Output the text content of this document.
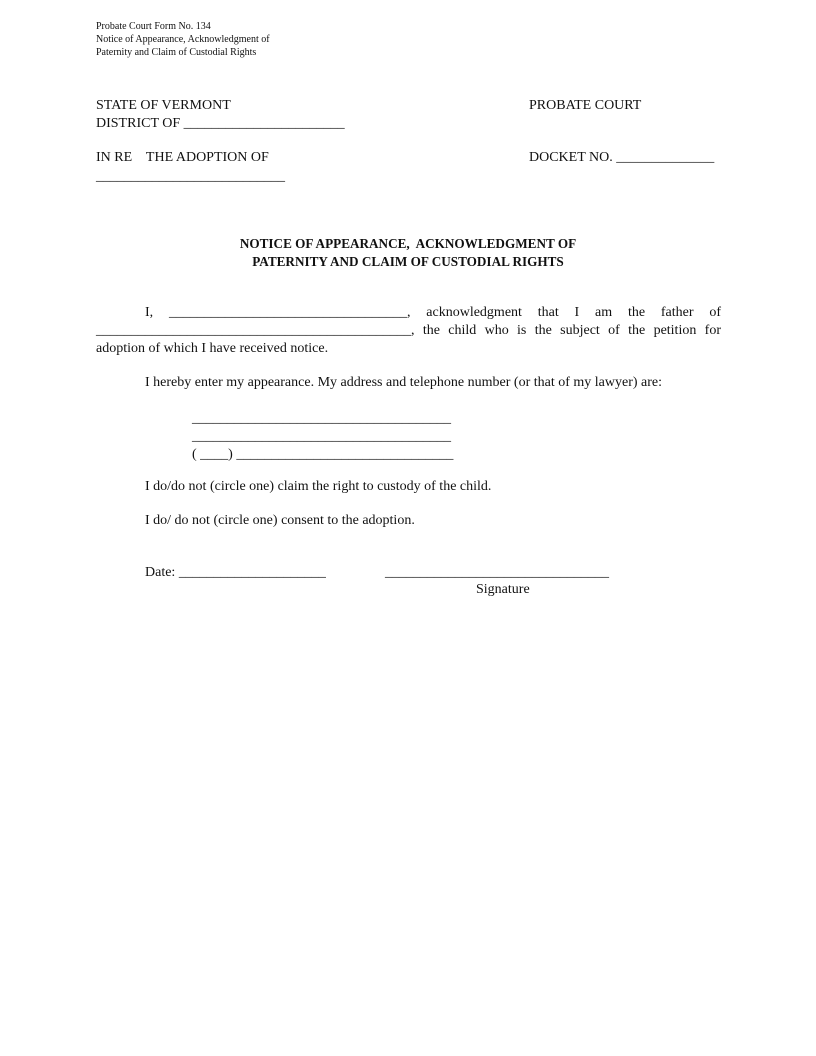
Probate Court Form No. 134
Notice of Appearance, Acknowledgment of
Paternity and Claim of Custodial Rights
STATE OF VERMONT	PROBATE COURT
DISTRICT OF _______________________
IN RE    THE ADOPTION OF	DOCKET NO. ______________
___________________________
NOTICE OF APPEARANCE,  ACKNOWLEDGMENT OF
PATERNITY AND CLAIM OF CUSTODIAL RIGHTS
I,  __________________________________,  acknowledgment  that  I  am  the  father  of
_____________________________________________, the child who is the subject of the petition for
adoption of which I have received notice.
I hereby enter my appearance. My address and telephone number (or that of my lawyer) are:
_____________________________________
_____________________________________
( ____) _______________________________
I do/do not (circle one) claim the right to custody of the child.
I do/ do not (circle one) consent to the adoption.
Date: _____________________	________________________________
Signature
